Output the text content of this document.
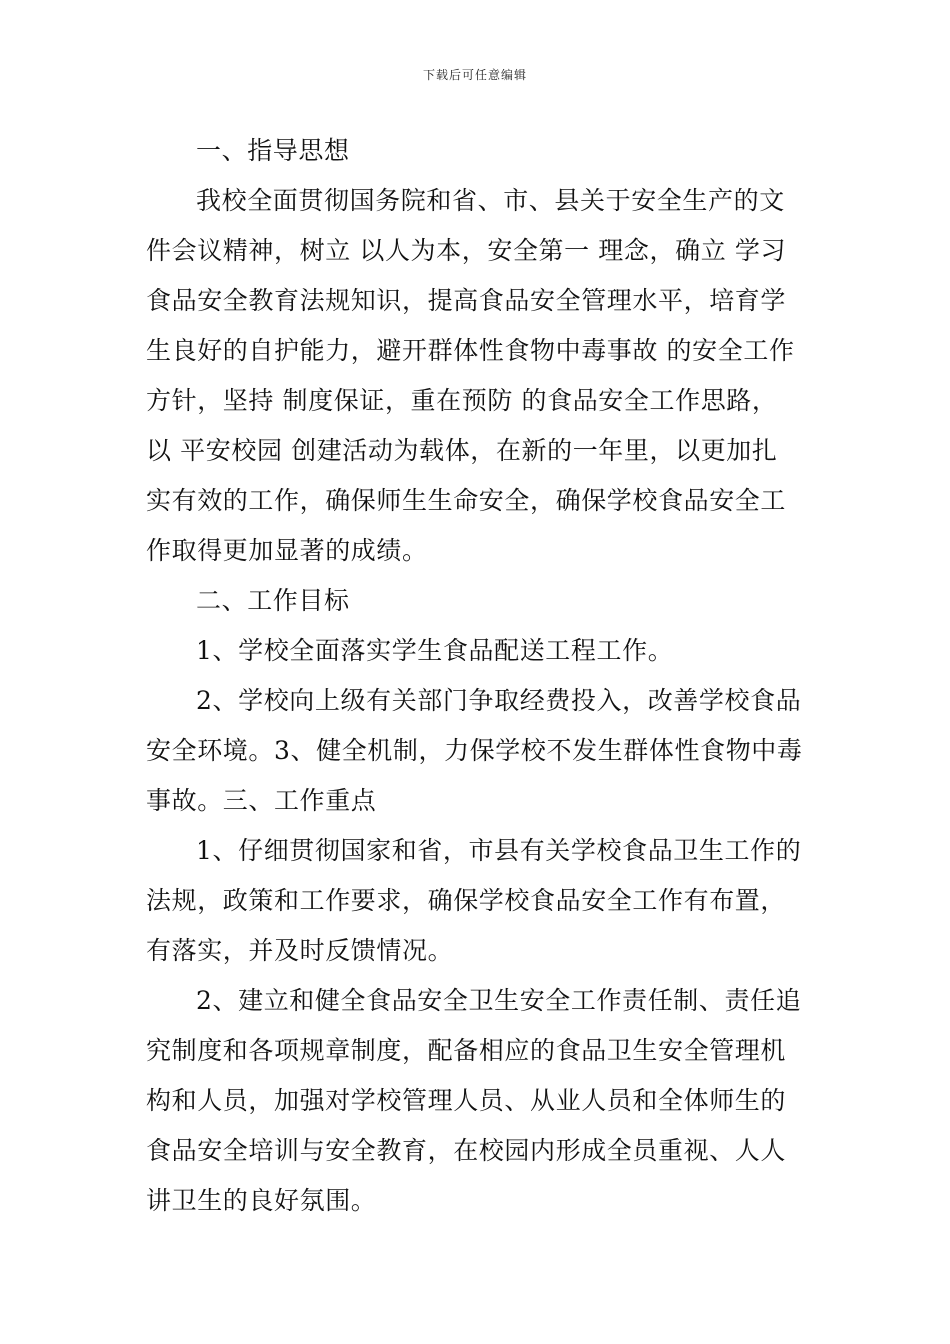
下载后可任意编辑
一、指导思想
我校全面贯彻国务院和省、市、县关于安全生产的文
件会议精神，树立 以人为本，安全第一 理念，确立 学习
食品安全教育法规知识，提高食品安全管理水平，培育学
生良好的自护能力，避开群体性食物中毒事故 的安全工作
方针，坚持 制度保证，重在预防 的食品安全工作思路，
以 平安校园 创建活动为载体，在新的一年里，以更加扎
实有效的工作，确保师生生命安全，确保学校食品安全工
作取得更加显著的成绩。
二、工作目标
1、学校全面落实学生食品配送工程工作。
2、学校向上级有关部门争取经费投入，改善学校食品
安全环境。3、健全机制，力保学校不发生群体性食物中毒
事故。三、工作重点
1、仔细贯彻国家和省，市县有关学校食品卫生工作的
法规，政策和工作要求，确保学校食品安全工作有布置，
有落实，并及时反馈情况。
2、建立和健全食品安全卫生安全工作责任制、责任追
究制度和各项规章制度，配备相应的食品卫生安全管理机
构和人员，加强对学校管理人员、从业人员和全体师生的
食品安全培训与安全教育，在校园内形成全员重视、人人
讲卫生的良好氛围。
